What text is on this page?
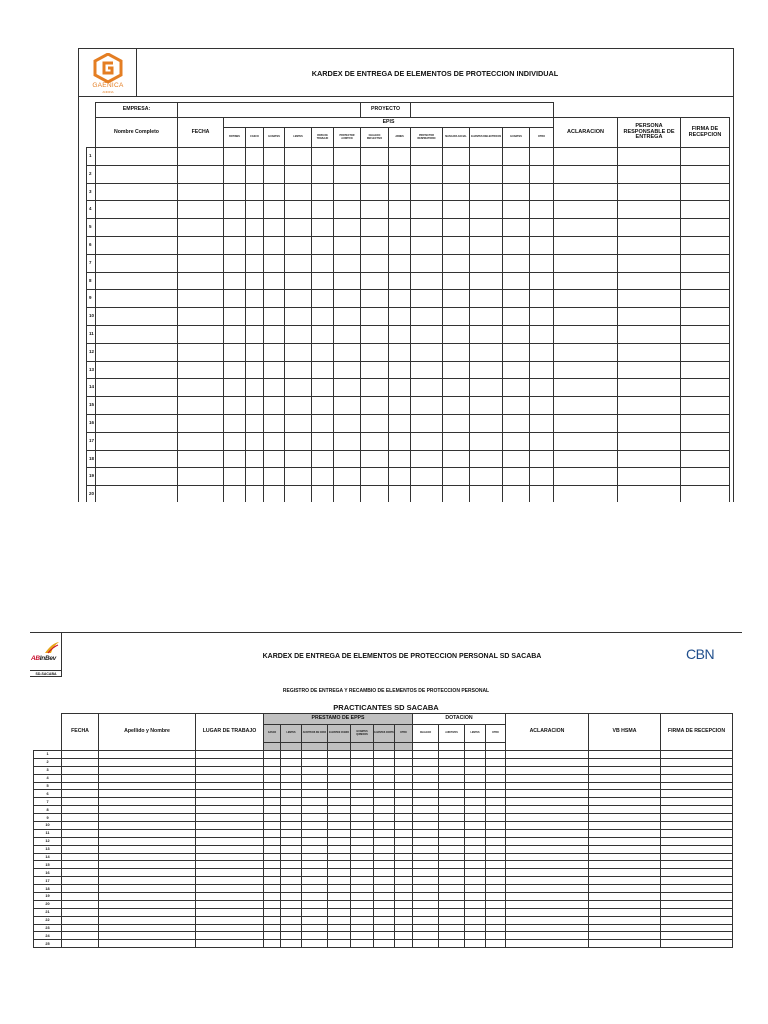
GAENICA
ANDINA
KARDEX DE ENTREGA DE ELEMENTOS DE PROTECCION INDIVIDUAL
	EMPRESA:								PROYECTO									
	Nombre Completo	FECHA	EPIS													ACLARACION	PERSONA RESPONSABLE DE ENTREGA	FIRMA DE RECEPCION
			BOTINES	CASCO	GUANTES	LENTES	ROPA DE TRABAJO	PROTECTOR AUDITIVO	CHALECO REFLECTIVO	ARNES	PROTECTOR RESPIRATORIO	MASCARA FACIAL	GUANTES DIELECTRICOS	GUANTES	OTRO			
1																		
2																		
3																		
4																		
5																		
6																		
7																		
8																		
9																		
10																		
11																		
12																		
13																		
14																		
15																		
16																		
17																		
18																		
19																		
20																		
ABInBev
SD-SACABA
KARDEX DE ENTREGA DE ELEMENTOS DE PROTECCION PERSONAL SD SACABA	CBN
REGISTRO DE ENTREGA Y RECAMBIO DE ELEMENTOS DE PROTECCION PERSONAL
PRACTICANTES SD SACABA
	FECHA	Apellido y Nombre	LUGAR DE TRABAJO	PRESTAMO DE EPPS							DOTACION				ACLARACION	VB HSMA	FIRMA DE RECEPCION
				CASCO	LENTES	AUDITIVOS DE COPA	GUANTES CUERO	GUANTES QUIMICOS	GUANTES CORTE	OTRO	CHALECO	AUDITIVOS	LENTES	OTRO			

1																	
2																	
3																	
4																	
5																	
6																	
7																	
8																	
9																	
10																	
11																	
12																	
13																	
14																	
15																	
16																	
17																	
18																	
19																	
20																	
21																	
22																	
23																	
24																	
25																	
